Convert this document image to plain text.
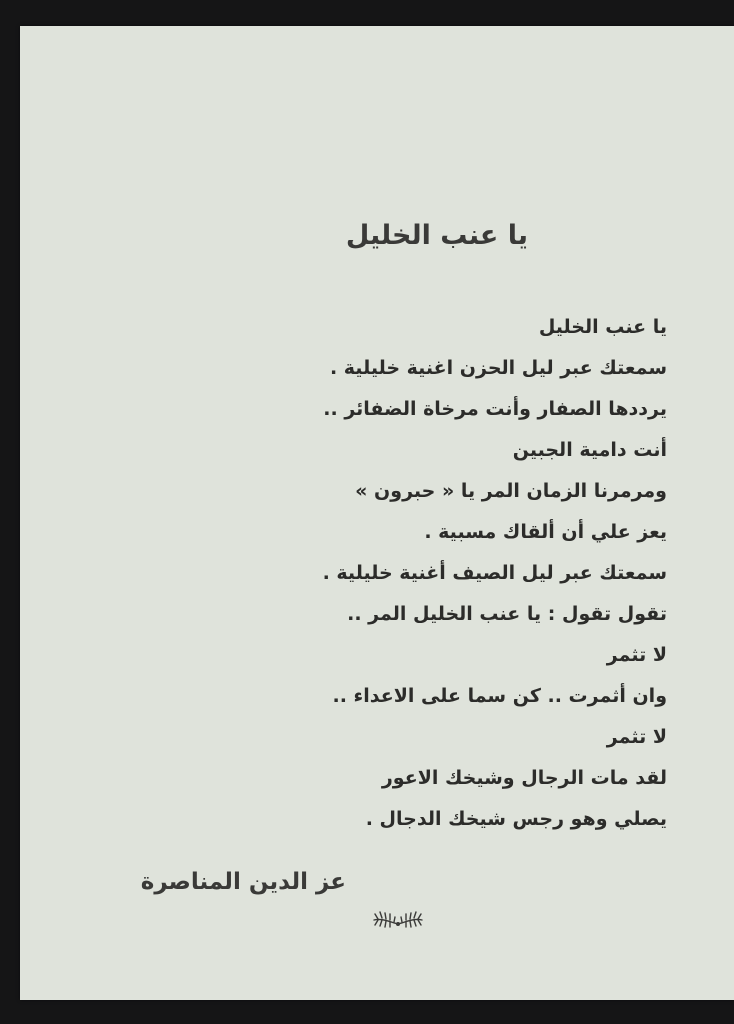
يا عنب الخليل
يا عنب الخليل
سمعتك عبر ليل الحزن اغنية خليلية .
يرددها الصفار وأنت مرخاة الضفائر ..
أنت دامية الجبين
ومرمرنا الزمان المر يا « حبرون »
يعز علي أن ألقاك مسبية .
سمعتك عبر ليل الصيف أغنية خليلية .
تقول تقول : يا عنب الخليل المر ..
لا تثمر
وان أثمرت .. كن سما على الاعداء ..
لا تثمر
لقد مات الرجال وشيخك الاعور
يصلي وهو رجس شيخك الدجال .
عز الدين المناصرة
